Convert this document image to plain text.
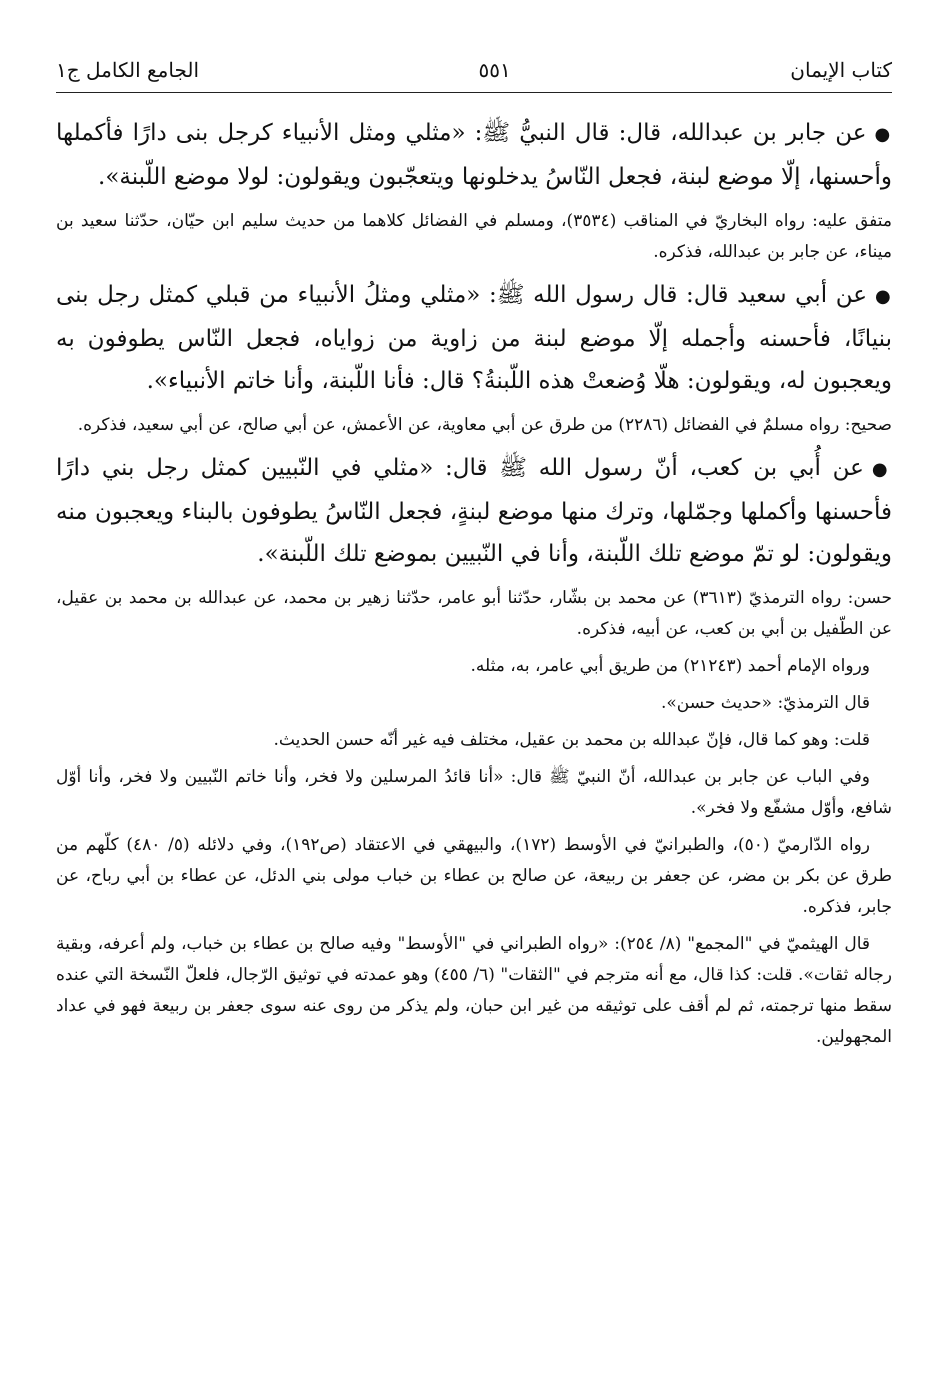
كتاب الإيمان
٥٥١
الجامع الكامل ج١

●عن جابر بن عبدالله، قال: قال النبيُّ ﷺ: «مثلي ومثل الأنبياء كرجل بنى دارًا فأكملها وأحسنها، إلّا موضع لبنة، فجعل النّاسُ يدخلونها ويتعجّبون ويقولون: لولا موضع اللّبنة».

متفق عليه: رواه البخاريّ في المناقب (٣٥٣٤)، ومسلم في الفضائل كلاهما من حديث سليم ابن حيّان، حدّثنا سعيد بن ميناء، عن جابر بن عبدالله، فذكره.

●عن أبي سعيد قال: قال رسول الله ﷺ: «مثلي ومثلُ الأنبياء من قبلي كمثل رجل بنى بنيانًا، فأحسنه وأجمله إلّا موضع لبنة من زاوية من زواياه، فجعل النّاس يطوفون به ويعجبون له، ويقولون: هلّا وُضعتْ هذه اللّبنةُ؟ قال: فأنا اللّبنة، وأنا خاتم الأنبياء».

صحيح: رواه مسلمٌ في الفضائل (٢٢٨٦) من طرق عن أبي معاوية، عن الأعمش، عن أبي صالح، عن أبي سعيد، فذكره.

●عن أُبي بن كعب، أنّ رسول الله ﷺ قال: «مثلي في النّبيين كمثل رجل بني دارًا فأحسنها وأكملها وجمّلها، وترك منها موضع لبنةٍ، فجعل النّاسُ يطوفون بالبناء ويعجبون منه ويقولون: لو تمّ موضع تلك اللّبنة، وأنا في النّبيين بموضع تلك اللّبنة».

حسن: رواه الترمذيّ (٣٦١٣) عن محمد بن بشّار، حدّثنا أبو عامر، حدّثنا زهير بن محمد، عن عبدالله بن محمد بن عقيل، عن الطّفيل بن أبي بن كعب، عن أبيه، فذكره.

ورواه الإمام أحمد (٢١٢٤٣) من طريق أبي عامر، به، مثله.

قال الترمذيّ: «حديث حسن».

قلت: وهو كما قال، فإنّ عبدالله بن محمد بن عقيل، مختلف فيه غير أنّه حسن الحديث.

وفي الباب عن جابر بن عبدالله، أنّ النبيّ ﷺ قال: «أنا قائدُ المرسلين ولا فخر، وأنا خاتم النّبيين ولا فخر، وأنا أوّل شافع، وأوّل مشفّع ولا فخر».

رواه الدّارميّ (٥٠)، والطبرانيّ في الأوسط (١٧٢)، والبيهقي في الاعتقاد (ص١٩٢)، وفي دلائله (٥/ ٤٨٠) كلّهم من طرق عن بكر بن مضر، عن جعفر بن ربيعة، عن صالح بن عطاء بن خباب مولى بني الدئل، عن عطاء بن أبي رباح، عن جابر، فذكره.

قال الهيثميّ في "المجمع" (٨/ ٢٥٤): «رواه الطبراني في "الأوسط" وفيه صالح بن عطاء بن خباب، ولم أعرفه، وبقية رجاله ثقات». قلت: كذا قال، مع أنه مترجم في "الثقات" (٦/ ٤٥٥) وهو عمدته في توثيق الرّجال، فلعلّ النّسخة التي عنده سقط منها ترجمته، ثم لم أقف على توثيقه من غير ابن حبان، ولم يذكر من روى عنه سوى جعفر بن ربيعة فهو في عداد المجهولين.
